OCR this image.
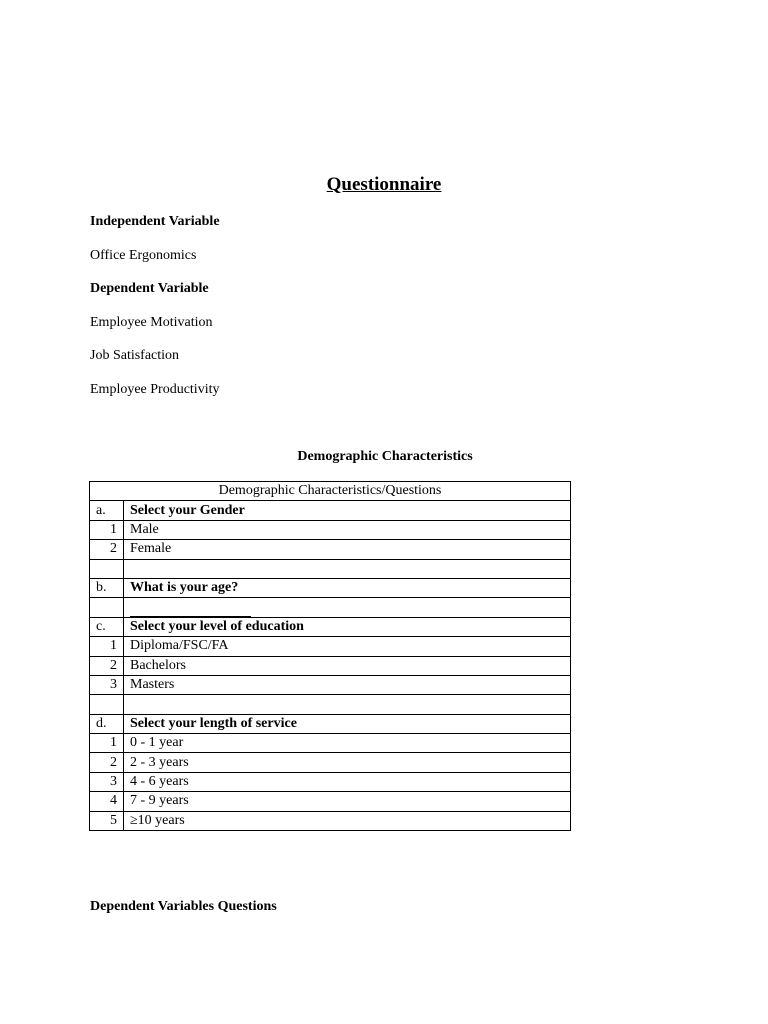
Questionnaire
Independent Variable
Office Ergonomics
Dependent Variable
Employee Motivation
Job Satisfaction
Employee Productivity
Demographic Characteristics
Demographic Characteristics/Questions	
a.	Select your Gender
1	Male
2	Female

b.	What is your age?

c.	Select your level of education
1	Diploma/FSC/FA
2	Bachelors
3	Masters

d.	Select your length of service
1	0 - 1 year
2	2 - 3 years
3	4 - 6 years
4	7 - 9 years
5	≥10 years
Dependent Variables Questions
